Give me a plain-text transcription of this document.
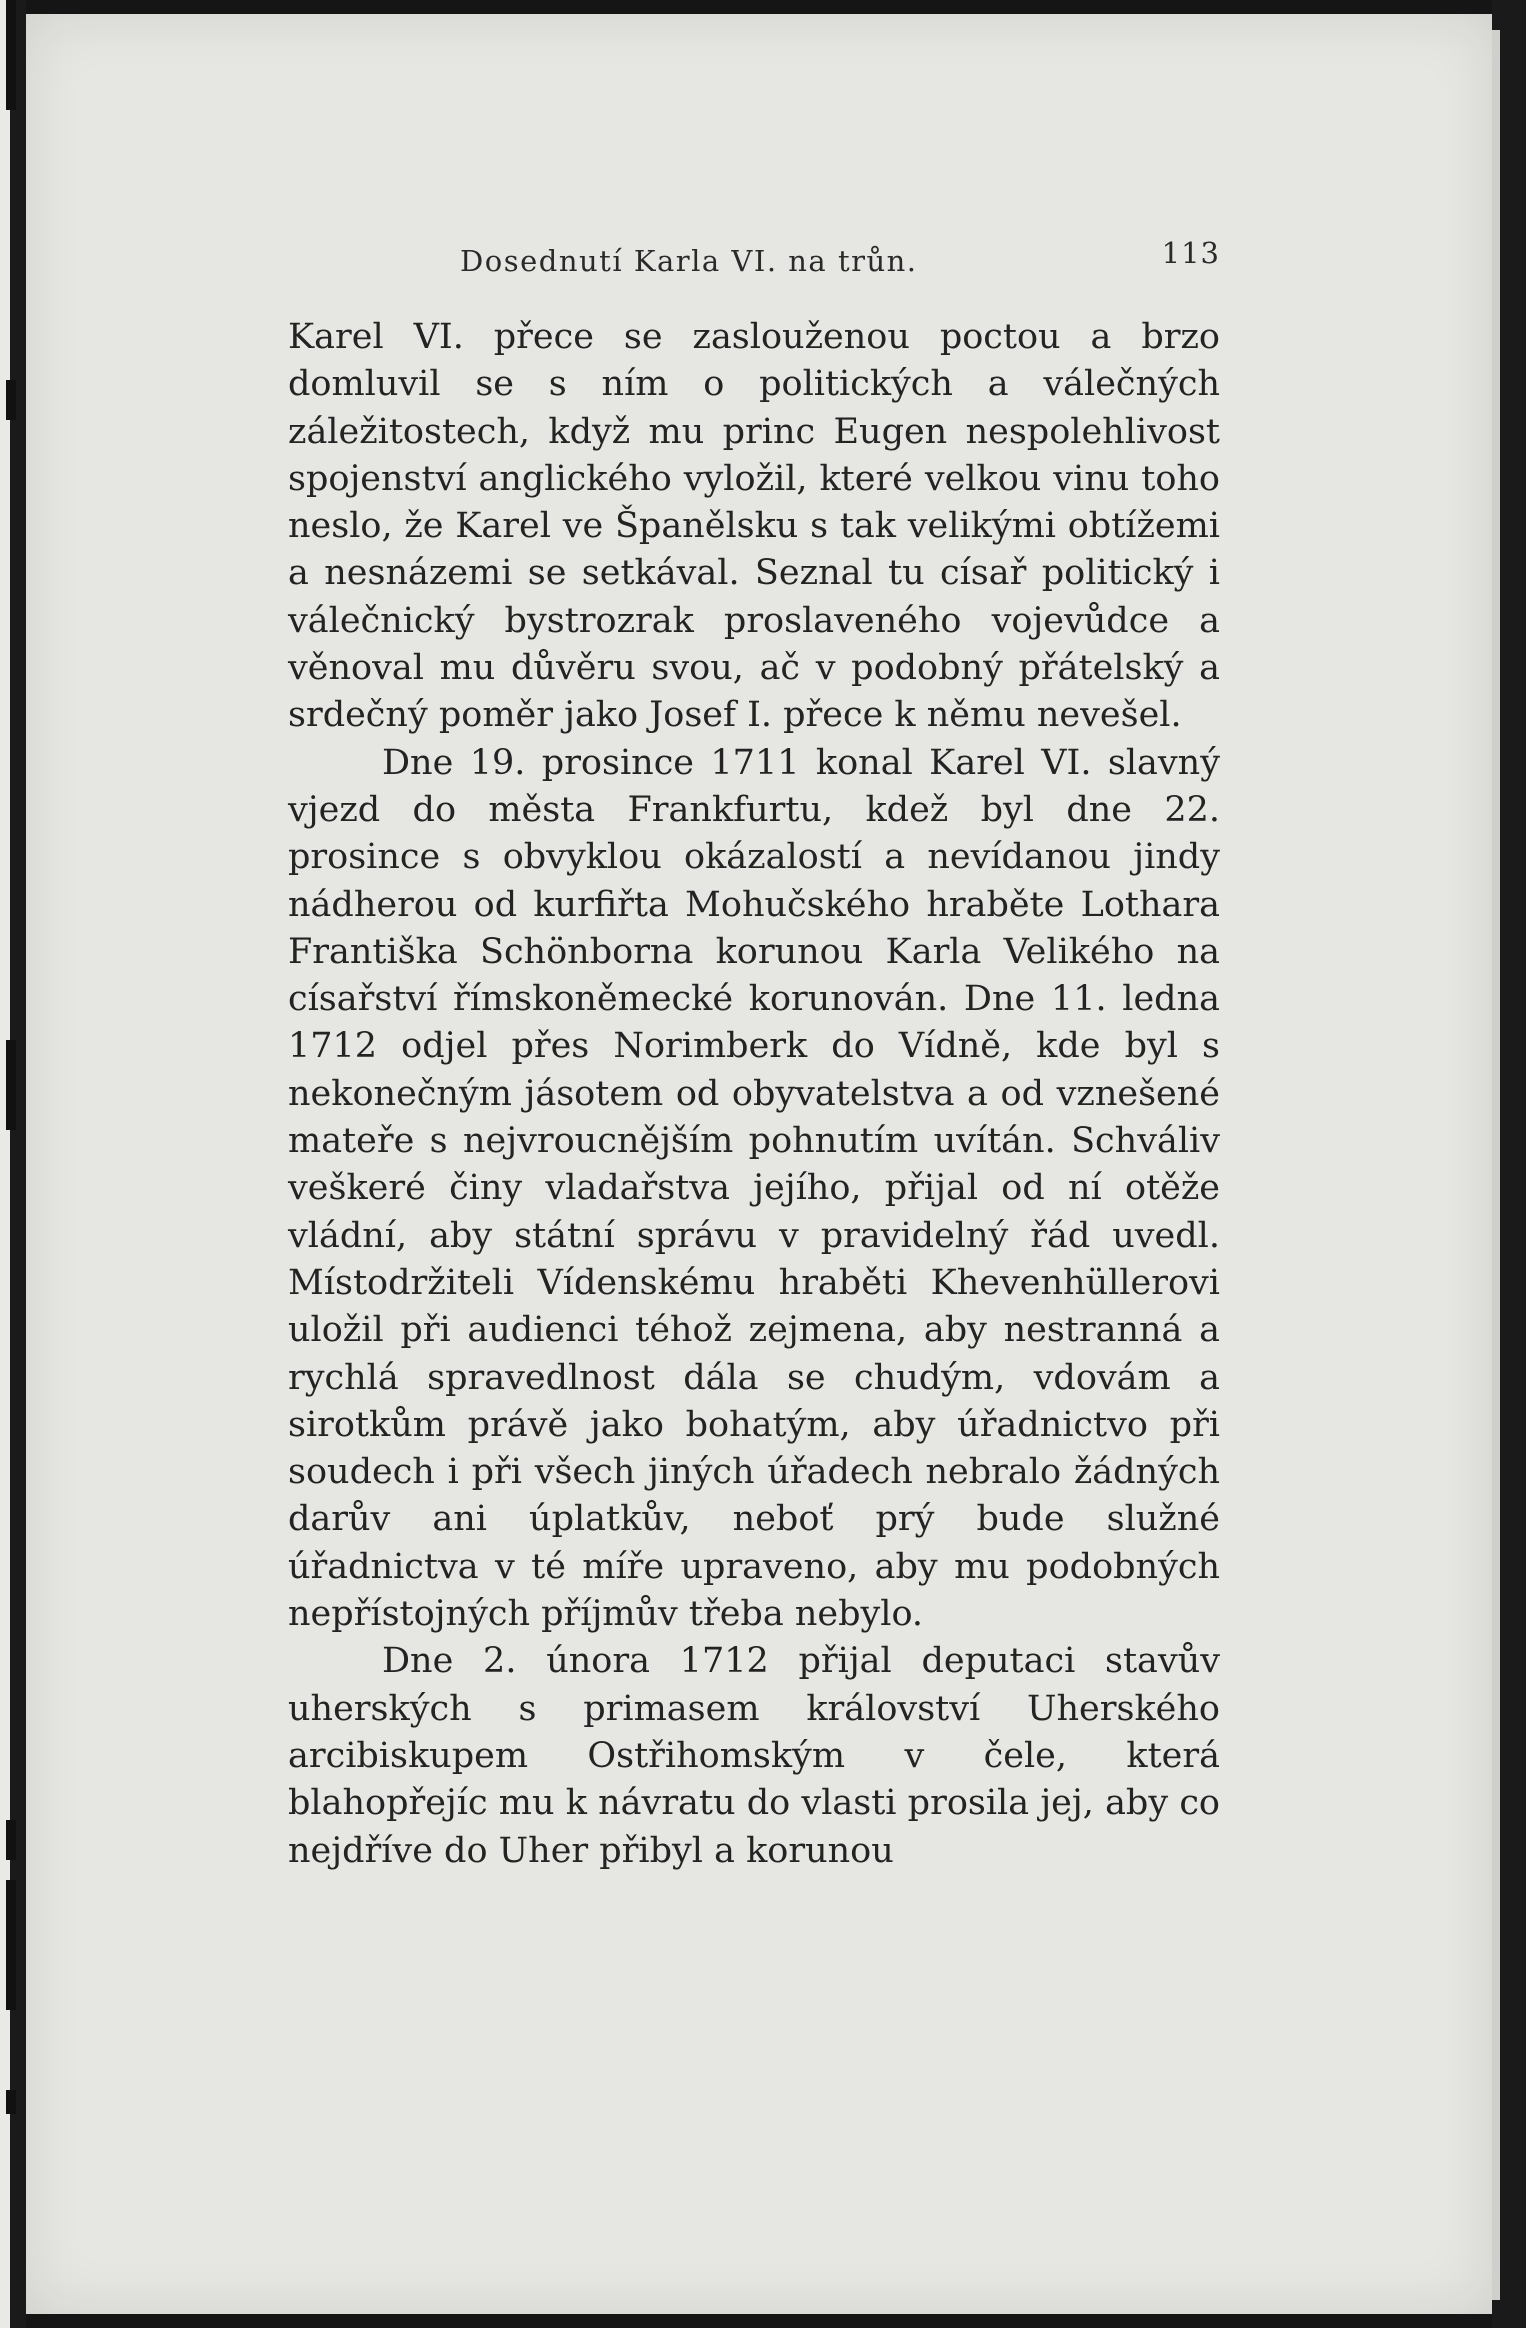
Dosednutí Karla VI. na trůn.	113

Karel VI. přece se zaslouženou poctou a brzo domluvil se s ním o politických a válečných záležitostech, když mu princ Eugen nespolehlivost spojenství anglického vyložil, které velkou vinu toho neslo, že Karel ve Španělsku s tak velikými obtížemi a nesnázemi se setkával. Seznal tu císař politický i válečnický bystrozrak proslaveného vojevůdce a věnoval mu důvěru svou, ač v podobný přátelský a srdečný poměr jako Josef I. přece k němu nevešel.

Dne 19. prosince 1711 konal Karel VI. slavný vjezd do města Frankfurtu, kdež byl dne 22. prosince s obvyklou okázalostí a nevídanou jindy nádherou od kurfiřta Mohučského hraběte Lothara Františka Schönborna korunou Karla Velikého na císařství římskoněmecké korunován. Dne 11. ledna 1712 odjel přes Norimberk do Vídně, kde byl s nekonečným jásotem od obyvatelstva a od vznešené mateře s nejvroucnějším pohnutím uvítán. Schváliv veškeré činy vladařstva jejího, přijal od ní otěže vládní, aby státní správu v pravidelný řád uvedl. Místodržiteli Vídenskému hraběti Khevenhüllerovi uložil při audienci téhož zejmena, aby nestranná a rychlá spravedlnost dála se chudým, vdovám a sirotkům právě jako bohatým, aby úřadnictvo při soudech i při všech jiných úřadech nebralo žádných darův ani úplatkův, neboť prý bude služné úřadnictva v té míře upraveno, aby mu podobných nepřístojných příjmův třeba nebylo.

Dne 2. února 1712 přijal deputaci stavův uherských s primasem království Uherského arcibiskupem Ostřihomským v čele, která blahopřejíc mu k návratu do vlasti prosila jej, aby co nejdříve do Uher přibyl a korunou
